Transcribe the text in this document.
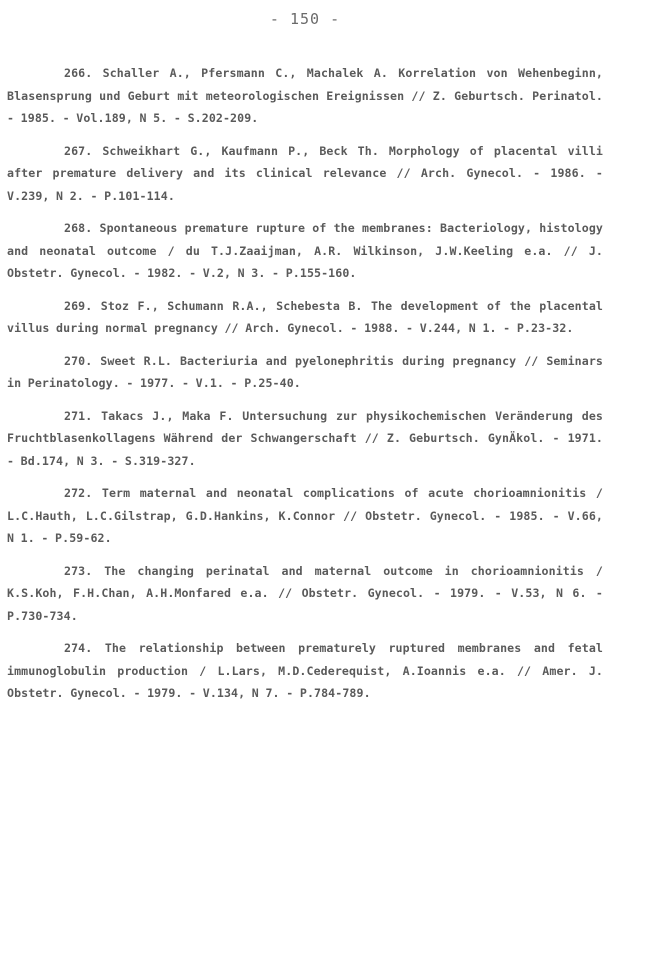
- 150 -

266. Schaller A., Pfersmann C., Machalek A. Korrelation von Wehenbeginn, Blasensprung und Geburt mit meteorologischen Ereignissen // Z. Geburtsch. Perinatol. - 1985. - Vol.189, N 5. - S.202-209.

267. Schweikhart G., Kaufmann P., Beck Th. Morphology of placental villi after premature delivery and its clinical relevance // Arch. Gynecol. - 1986. - V.239, N 2. - P.101-114.

268. Spontaneous premature rupture of the membranes: Bacteriology, histology and neonatal outcome / du T.J.Zaaijman, A.R. Wilkinson, J.W.Keeling e.a. // J. Obstetr. Gynecol. - 1982. - V.2, N 3. - P.155-160.

269. Stoz F., Schumann R.A., Schebesta B. The development of the placental villus during normal pregnancy // Arch. Gynecol. - 1988. - V.244, N 1. - P.23-32.

270. Sweet R.L. Bacteriuria and pyelonephritis during pregnancy // Seminars in Perinatology. - 1977. - V.1. - P.25-40.

271. Takacs J., Maka F. Untersuchung zur physikochemischen Veränderung des Fruchtblasenkollagens Während der Schwangerschaft // Z. Geburtsch. GynÄkol. - 1971. - Bd.174, N 3. - S.319-327.

272. Term maternal and neonatal complications of acute chorioamnionitis / L.C.Hauth, L.C.Gilstrap, G.D.Hankins, K.Connor // Obstetr. Gynecol. - 1985. - V.66, N 1. - P.59-62.

273. The changing perinatal and maternal outcome in chorioamnionitis / K.S.Koh, F.H.Chan, A.H.Monfared e.a. // Obstetr. Gynecol. - 1979. - V.53, N 6. - P.730-734.

274. The relationship between prematurely ruptured membranes and fetal immunoglobulin production / L.Lars, M.D.Cederequist, A.Ioannis e.a. // Amer. J. Obstetr. Gynecol. - 1979. - V.134, N 7. - P.784-789.
